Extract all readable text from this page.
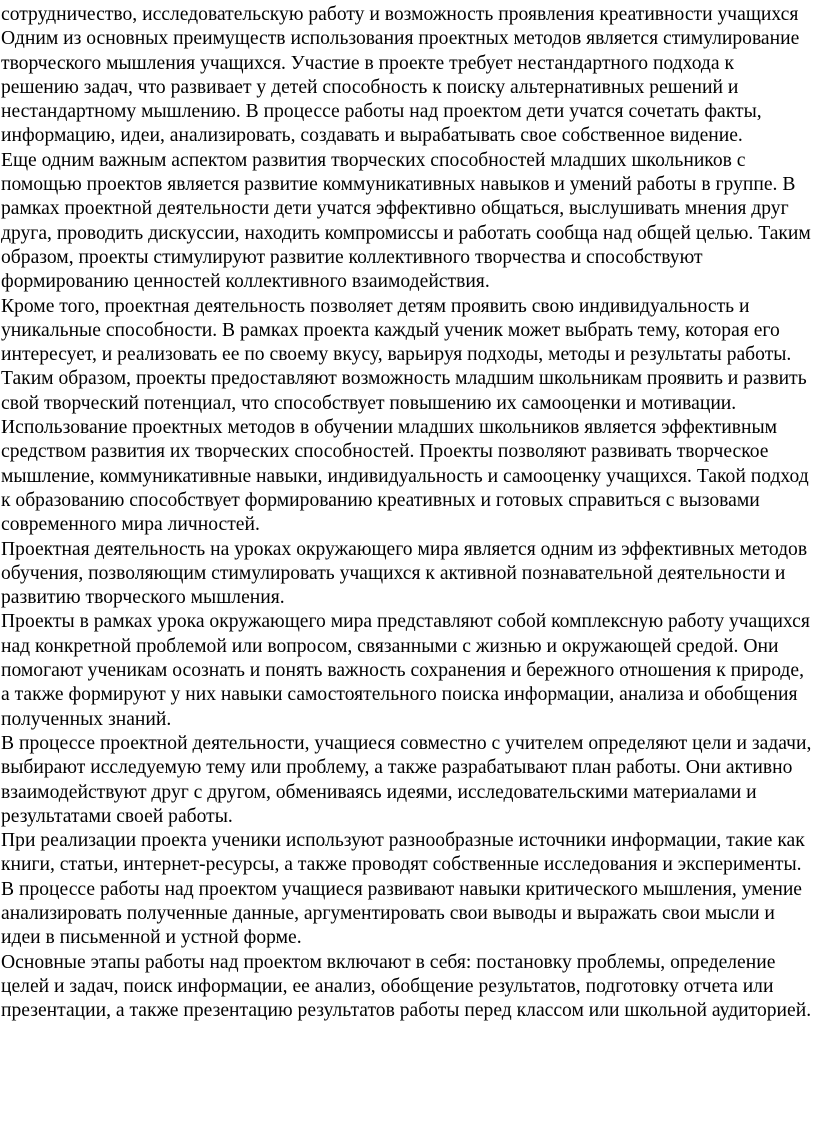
сотрудничество, исследовательскую работу и возможность проявления креативности учащихся

Одним из основных преимуществ использования проектных методов является стимулирование творческого мышления учащихся. Участие в проекте требует нестандартного подхода к решению задач, что развивает у детей способность к поиску альтернативных решений и нестандартному мышлению. В процессе работы над проектом дети учатся сочетать факты, информацию, идеи, анализировать, создавать и вырабатывать свое собственное видение.

Еще одним важным аспектом развития творческих способностей младших школьников с помощью проектов является развитие коммуникативных навыков и умений работы в группе. В рамках проектной деятельности дети учатся эффективно общаться, выслушивать мнения друг друга, проводить дискуссии, находить компромиссы и работать сообща над общей целью. Таким образом, проекты стимулируют развитие коллективного творчества и способствуют формированию ценностей коллективного взаимодействия.

Кроме того, проектная деятельность позволяет детям проявить свою индивидуальность и уникальные способности. В рамках проекта каждый ученик может выбрать тему, которая его интересует, и реализовать ее по своему вкусу, варьируя подходы, методы и результаты работы. Таким образом, проекты предоставляют возможность младшим школьникам проявить и развить свой творческий потенциал, что способствует повышению их самооценки и мотивации.

Использование проектных методов в обучении младших школьников является эффективным средством развития их творческих способностей. Проекты позволяют развивать творческое мышление, коммуникативные навыки, индивидуальность и самооценку учащихся. Такой подход к образованию способствует формированию креативных и готовых справиться с вызовами современного мира личностей.

Проектная деятельность на уроках окружающего мира является одним из эффективных методов обучения, позволяющим стимулировать учащихся к активной познавательной деятельности и развитию творческого мышления.

Проекты в рамках урока окружающего мира представляют собой комплексную работу учащихся над конкретной проблемой или вопросом, связанными с жизнью и окружающей средой. Они помогают ученикам осознать и понять важность сохранения и бережного отношения к природе, а также формируют у них навыки самостоятельного поиска информации, анализа и обобщения полученных знаний.

В процессе проектной деятельности, учащиеся совместно с учителем определяют цели и задачи, выбирают исследуемую тему или проблему, а также разрабатывают план работы. Они активно взаимодействуют друг с другом, обмениваясь идеями, исследовательскими материалами и результатами своей работы.

При реализации проекта ученики используют разнообразные источники информации, такие как книги, статьи, интернет-ресурсы, а также проводят собственные исследования и эксперименты. В процессе работы над проектом учащиеся развивают навыки критического мышления, умение анализировать полученные данные, аргументировать свои выводы и выражать свои мысли и идеи в письменной и устной форме.

Основные этапы работы над проектом включают в себя: постановку проблемы, определение целей и задач, поиск информации, ее анализ, обобщение результатов, подготовку отчета или презентации, а также презентацию результатов работы перед классом или школьной аудиторией.
